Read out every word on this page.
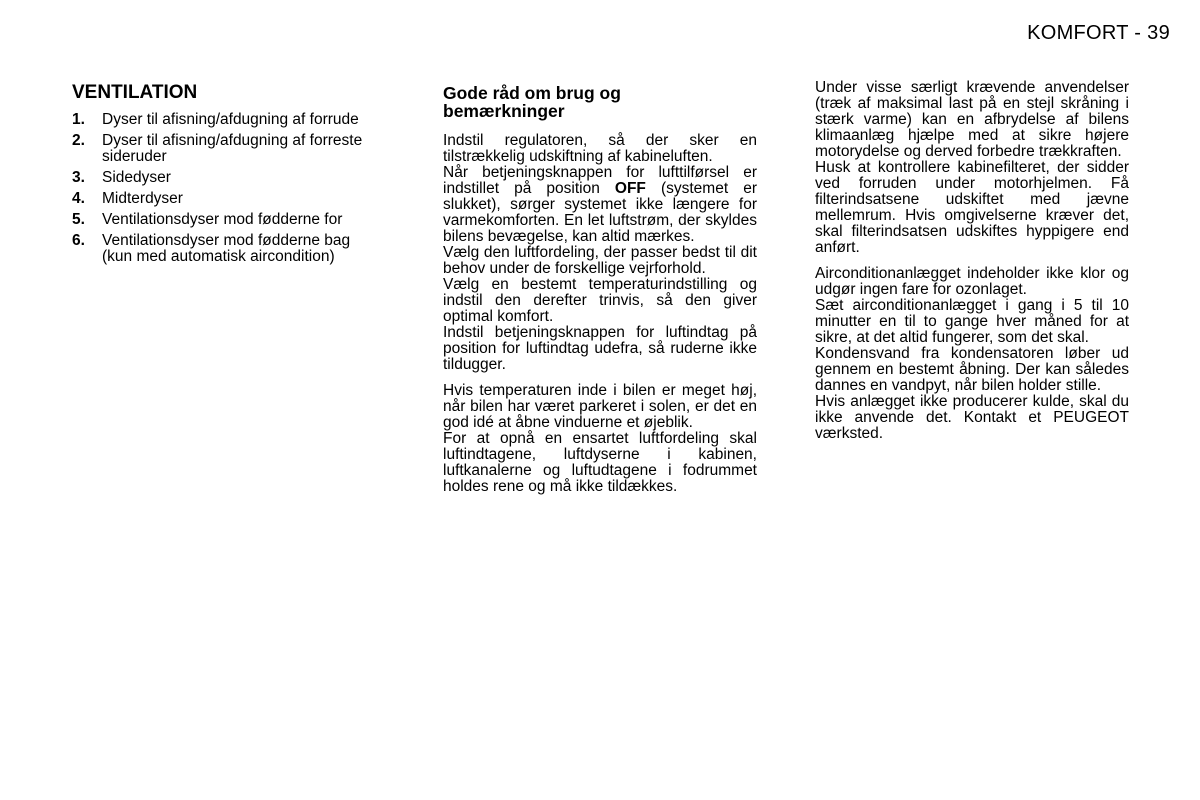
KOMFORT - 39
VENTILATION
1.	Dyser til afisning/afdugning af forrude
2.	Dyser til afisning/afdugning af forreste sideruder
3.	Sidedyser
4.	Midterdyser
5.	Ventilationsdyser mod fødderne for
6.	Ventilationsdyser mod fødderne bag (kun med automatisk aircondition)
Gode råd om brug og
bemærkninger

Indstil regulatoren, så der sker en tilstrækkelig udskiftning af kabineluften.

Når betjeningsknappen for lufttilførsel er indstillet på position OFF (systemet er slukket), sørger systemet ikke længere for varmekomforten. En let luftstrøm, der skyldes bilens bevægelse, kan altid mærkes.

Vælg den luftfordeling, der passer bedst til dit behov under de forskellige vejrforhold.

Vælg en bestemt temperaturindstilling og indstil den derefter trinvis, så den giver optimal komfort.

Indstil betjeningsknappen for luftindtag på position for luftindtag udefra, så ruderne ikke tildugger.

Hvis temperaturen inde i bilen er meget høj, når bilen har været parkeret i solen, er det en god idé at åbne vinduerne et øjeblik.

For at opnå en ensartet luftfordeling skal luftindtagene, luftdyserne i kabinen, luftkanalerne og luftudtagene i fodrummet holdes rene og må ikke tildækkes.

Under visse særligt krævende anvendelser (træk af maksimal last på en stejl skråning i stærk varme) kan en afbrydelse af bilens klimaanlæg hjælpe med at sikre højere motorydelse og derved forbedre trækkraften.

Husk at kontrollere kabinefilteret, der sidder ved forruden under motorhjelmen. Få filterindsatsene udskiftet med jævne mellemrum. Hvis omgivelserne kræver det, skal filterindsatsen udskiftes hyppigere end anført.

Airconditionanlægget indeholder ikke klor og udgør ingen fare for ozonlaget.

Sæt airconditionanlægget i gang i 5 til 10 minutter en til to gange hver måned for at sikre, at det altid fungerer, som det skal.

Kondensvand fra kondensatoren løber ud gennem en bestemt åbning. Der kan således dannes en vandpyt, når bilen holder stille.

Hvis anlægget ikke producerer kulde, skal du ikke anvende det. Kontakt et PEUGEOT værksted.
